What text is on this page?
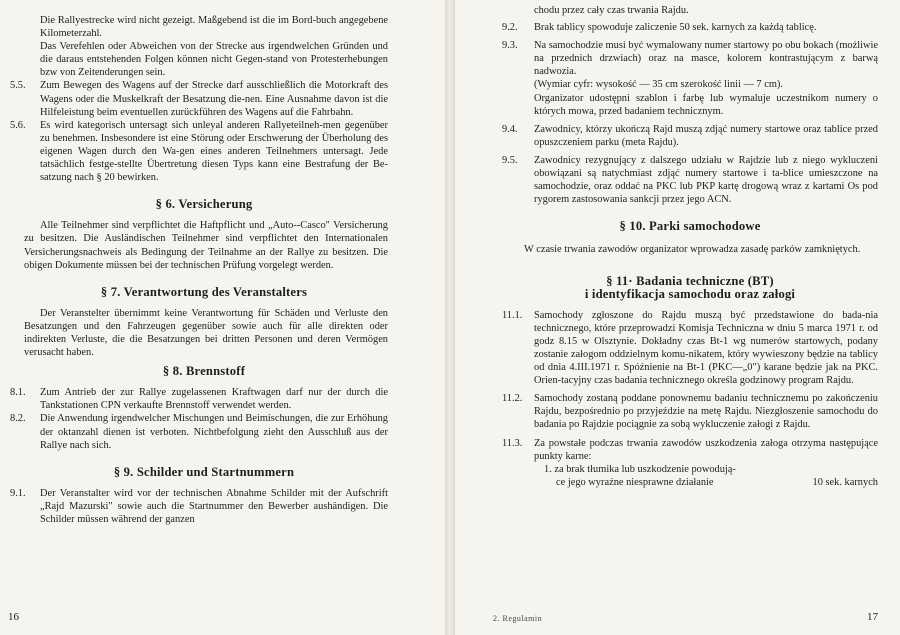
Die Rallyestrecke wird nicht gezeigt. Maßgebend ist die im Bord-buch angegebene Kilometerzahl.

Das Verefehlen oder Abweichen von der Strecke aus irgendwelchen Gründen und die daraus entstehenden Folgen können nicht Gegen-stand von Protesterhebungen bzw von Zeitenderungen sein.

5.5.	Zum Bewegen des Wagens auf der Strecke darf ausschließlich die Motorkraft des Wagens oder die Muskelkraft der Besatzung die-nen. Eine Ausnahme davon ist die Hilfeleistung beim eventuellen zurückführen des Wagens auf die Fahrbahn.
5.6.	Es wird kategorisch untersagt sich unleyal anderen Rallyeteilneh-men gegenüber zu benehmen. Insbesondere ist eine Störung oder Erschwerung der Überholung des eigenen Wagen durch den Wa-gen eines anderen Teilnehmers untersagt. Jede tatsächlich festge-stellte Übertretung diesen Typs kann eine Bestrafung der Be-satzung nach § 20 bewirken.
§ 6. Versicherung

Alle Teilnehmer sind verpflichtet die Haftpflicht und „Auto--Casco" Versicherung zu besitzen. Die Ausländischen Teilnehmer sind verpflichtet den Internationalen Versicherungsnachweis als Bedingung der Teilnahme an der Rallye zu besitzen. Die obigen Dokumente müssen bei der technischen Prüfung vorgelegt werden.

§ 7. Verantwortung des Veranstalters

Der Veranstelter übernimmt keine Verantwortung für Schäden und Verluste den Besatzungen und den Fahrzeugen gegenüber sowie auch für alle direkten oder indirekten Verluste, die die Besatzungen bei dritten Personen und deren Vermögen verusacht haben.

§ 8. Brennstoff
8.1.	Zum Antrieb der zur Rallye zugelassenen Kraftwagen darf nur der durch die Tankstationen CPN verkaufte Brennstoff verwendet werden.
8.2.	Die Anwendung irgendwelcher Mischungen und Beimischungen, die zur Erhöhung der oktanzahl dienen ist verboten. Nichtbefolgung zieht den Ausschluß aus der Rallye nach sich.
§ 9. Schilder und Startnummern
9.1.	Der Veranstalter wird vor der technischen Abnahme Schilder mit der Aufschrift „Rajd Mazurski" sowie auch die Startnummer den Bewerber aushändigen. Die Schilder müssen während der ganzen
16

chodu przez cały czas trwania Rajdu.

9.2.	Brak tablicy spowoduje zaliczenie 50 sek. karnych za każdą tablicę.
9.3.	Na samochodzie musi być wymalowany numer startowy po obu bokach (możliwie na przednich drzwiach) oraz na masce, kolorem kontrastującym z barwą nadwozia.
(Wymiar cyfr: wysokość — 35 cm szerokość linii — 7 cm).
Organizator udostępni szablon i farbę lub wymaluje uczestnikom numery o których mowa, przed badaniem technicznym.
9.4.	Zawodnicy, którzy ukończą Rajd muszą zdjąć numery startowe oraz tablice przed opuszczeniem parku (meta Rajdu).
9.5.	Zawodnicy rezygnujący z dalszego udziału w Rajdzie lub z niego wykluczeni obowiązani są natychmiast zdjąć numery startowe i ta-blice umieszczone na samochodzie, oraz oddać na PKC lub PKP kartę drogową wraz z kartami Os pod rygorem zastosowania sankcji przez jego ACN.
§ 10. Parki samochodowe

W czasie trwania zawodów organizator wprowadza zasadę parków zamkniętych.

§ 11· Badania techniczne (BT)
i identyfikacja samochodu oraz załogi
11.1.	Samochody zgłoszone do Rajdu muszą być przedstawione do bada-nia technicznego, które przeprowadzi Komisja Techniczna w dniu 5 marca 1971 r. od godz 8.15 w Olsztynie. Dokładny czas Bt-1 wg numerów startowych, podany zostanie załogom oddzielnym komu-nikatem, który wywieszony będzie na tablicy od dnia 4.III.1971 r. Spóźnienie na Bt-1 (PKC—„0") karane będzie jak na PKC. Orien-tacyjny czas badania technicznego określa godzinowy program Rajdu.
11.2.	Samochody zostaną poddane ponownemu badaniu technicznemu po zakończeniu Rajdu, bezpośrednio po przyjeździe na metę Rajdu. Niezgłoszenie samochodu do badania po Rajdzie pociągnie za sobą wykluczenie załogi z Rajdu.
11.3.	Za powstałe podczas trwania zawodów uszkodzenia załoga otrzyma następujące punkty karne:

1. za brak tłumika lub uszkodzenie powodują-

ce jego wyraźne niesprawne działanie	10 sek. karnych
2. Regulamin	17
